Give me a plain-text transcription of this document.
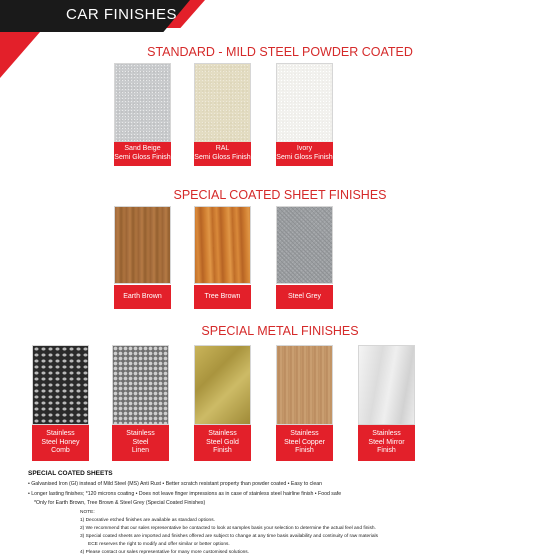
CAR FINISHES
STANDARD - MILD STEEL POWDER COATED
Sand Beige
Semi Gloss Finish
RAL
Semi Gloss Finish
Ivory
Semi Gloss Finish
SPECIAL COATED SHEET FINISHES
Earth Brown	Tree Brown	Steel Grey
SPECIAL METAL FINISHES
Stainless
Steel Honey
Comb
Stainless
Steel
Linen
Stainless
Steel Gold
Finish
Stainless
Steel Copper
Finish
Stainless
Steel Mirror
Finish
SPECIAL COATED SHEETS
• Galvanised Iron (GI) instead of Mild Steel (MS) Anti Rust • Better scratch resistant property than powder coated • Easy to clean
• Longer lasting finishes; *120 microns coating • Does not leave finger impressions as in case of stainless steel hairline finish • Food safe
*Only for Earth Brown, Tree Brown & Steel Grey (Special Coated Finishes)
NOTE:
1) Decorative etched finishes are available as standard options.
2) We recommend that our sales representative be contacted to look at samples basis your selection to determine the actual feel and finish.
3) Special coated sheets are imported and finishes offered are subject to change at any time basis availability and continuity of raw materials
ECE reserves the right to modify and offer similar or better options.
4) Please contact our sales representative for many more customised solutions.
